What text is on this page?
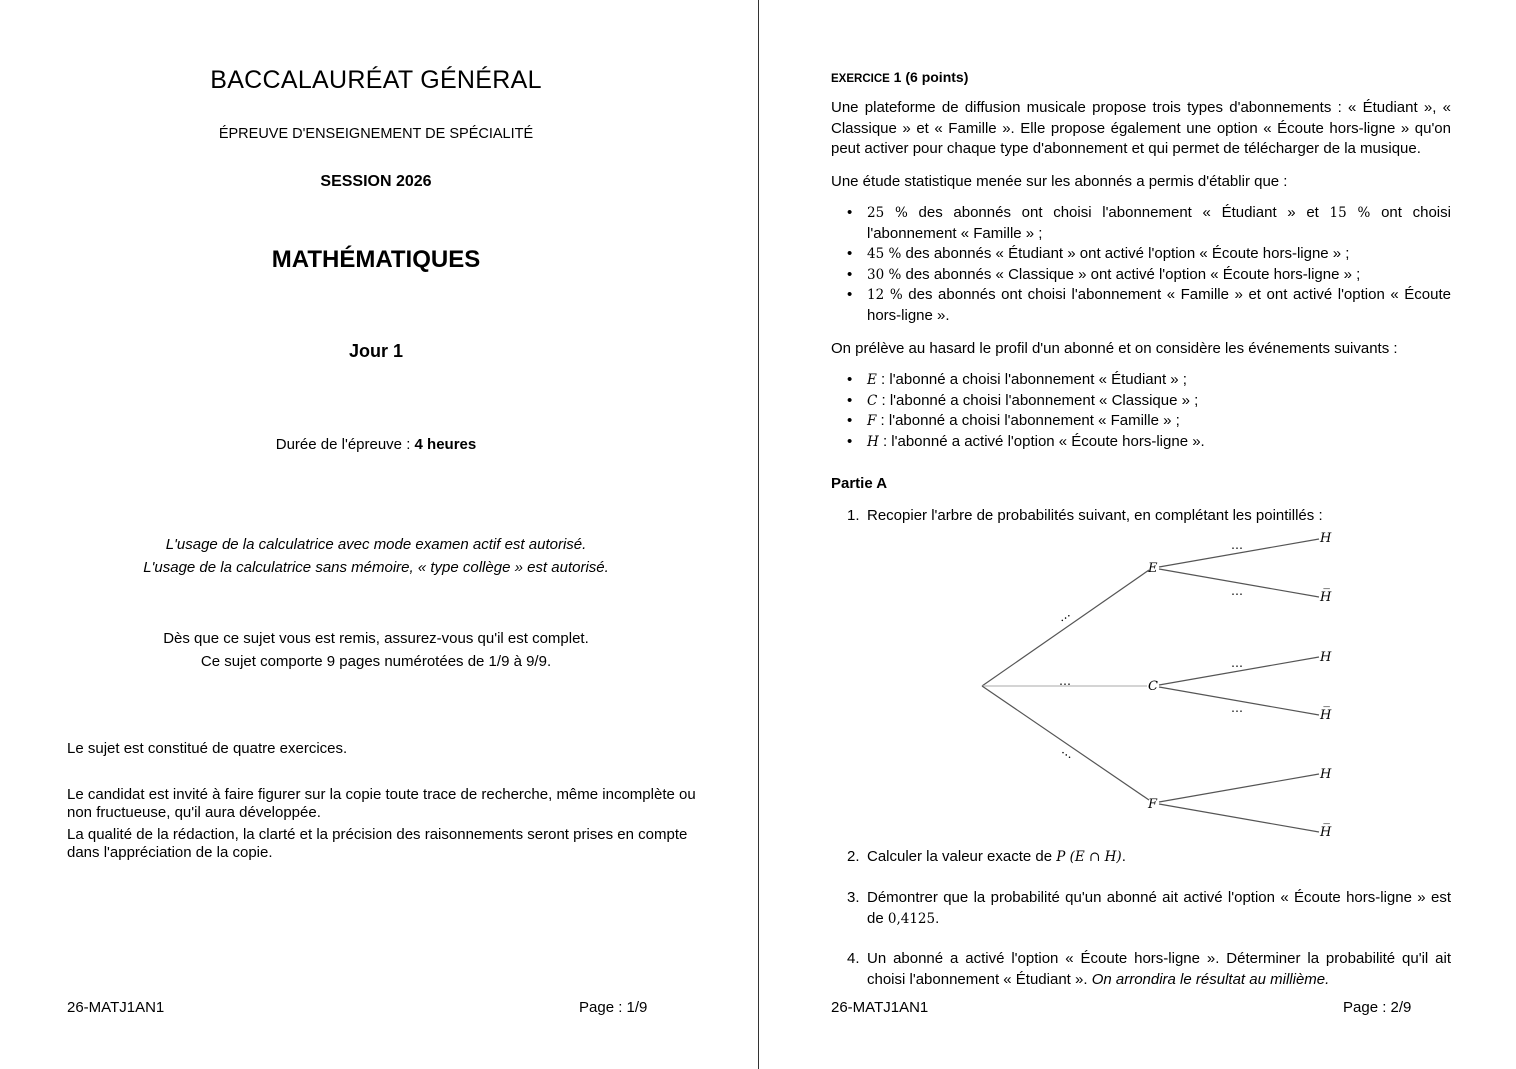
BACCALAURÉAT GÉNÉRAL
ÉPREUVE D'ENSEIGNEMENT DE SPÉCIALITÉ
SESSION 2026
MATHÉMATIQUES
Jour 1
Durée de l'épreuve : 4 heures
L'usage de la calculatrice avec mode examen actif est autorisé.
L'usage de la calculatrice sans mémoire, « type collège » est autorisé.
Dès que ce sujet vous est remis, assurez-vous qu'il est complet.
Ce sujet comporte 9 pages numérotées de 1/9 à 9/9.
Le sujet est constitué de quatre exercices.
Le candidat est invité à faire figurer sur la copie toute trace de recherche, même incomplète ou non fructueuse, qu'il aura développée.
La qualité de la rédaction, la clarté et la précision des raisonnements seront prises en compte dans l'appréciation de la copie.
26-MATJ1AN1	Page : 1/9
EXERCICE 1 (6 points)
Une plateforme de diffusion musicale propose trois types d'abonnements : « Étudiant », « Classique » et « Famille ». Elle propose également une option « Écoute hors-ligne » qu'on peut activer pour chaque type d'abonnement et qui permet de télécharger de la musique.
Une étude statistique menée sur les abonnés a permis d'établir que :
• 25 % des abonnés ont choisi l'abonnement « Étudiant » et 15 % ont choisi l'abonnement « Famille » ;
• 45 % des abonnés « Étudiant » ont activé l'option « Écoute hors-ligne » ;
• 30 % des abonnés « Classique » ont activé l'option « Écoute hors-ligne » ;
• 12 % des abonnés ont choisi l'abonnement « Famille » et ont activé l'option « Écoute hors-ligne ».
On prélève au hasard le profil d'un abonné et on considère les événements suivants :
• E : l'abonné a choisi l'abonnement « Étudiant » ;
• C : l'abonné a choisi l'abonnement « Classique » ;
• F : l'abonné a choisi l'abonnement « Famille » ;
• H : l'abonné a activé l'option « Écoute hors-ligne ».
Partie A
1. Recopier l'arbre de probabilités suivant, en complétant les pointillés :
E
C
F
H
H̅
H
H̅
H
H̅
…
…
…
…
…
…
…
2. Calculer la valeur exacte de P (E ∩ H).
3. Démontrer que la probabilité qu'un abonné ait activé l'option « Écoute hors-ligne » est de 0,4125.
4. Un abonné a activé l'option « Écoute hors-ligne ». Déterminer la probabilité qu'il ait choisi l'abonnement « Étudiant ». On arrondira le résultat au millième.
26-MATJ1AN1	Page : 2/9
